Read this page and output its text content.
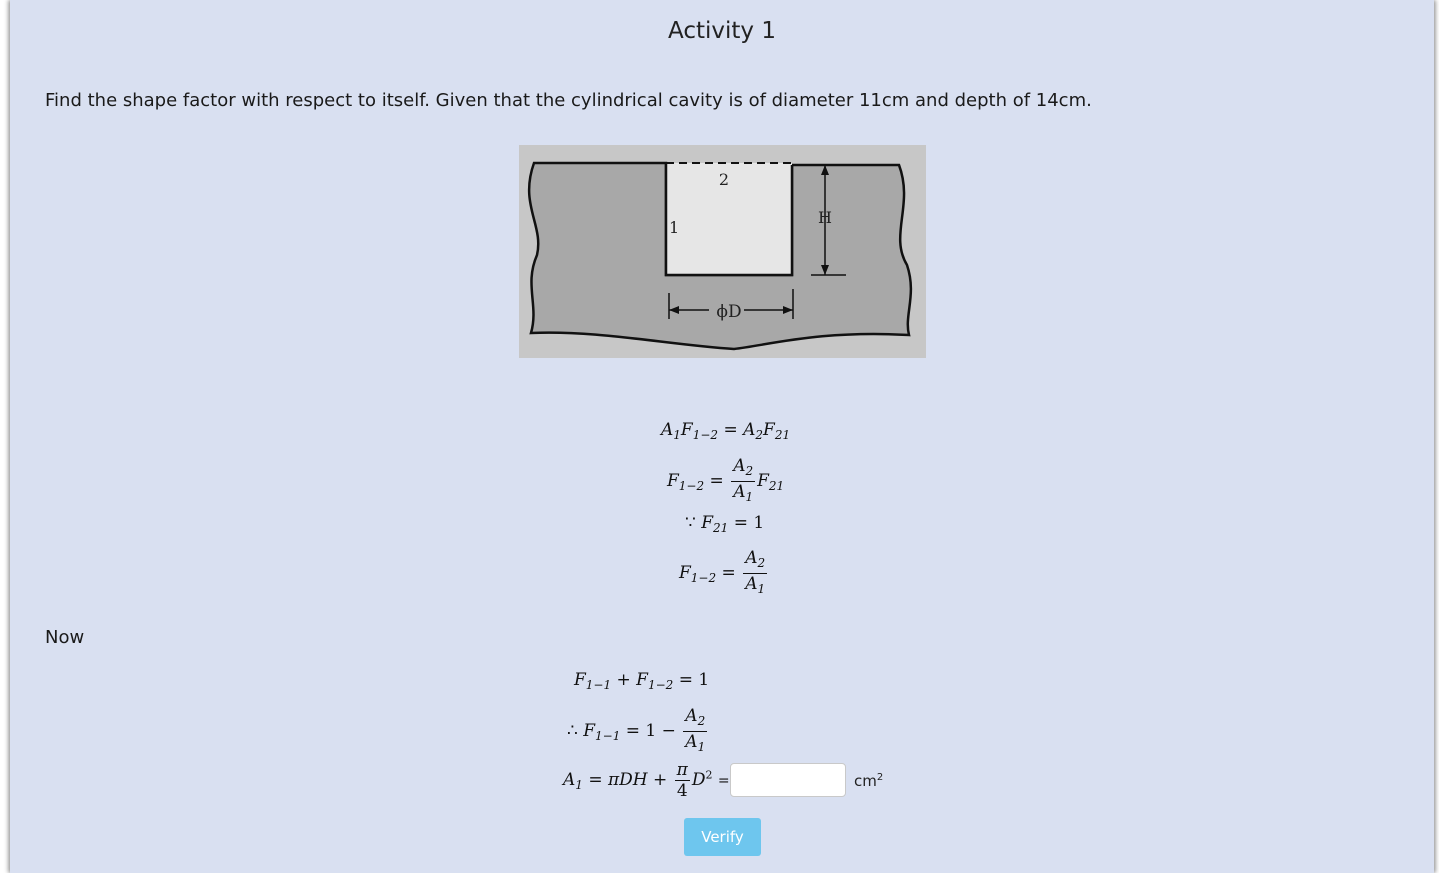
Activity 1
Find the shape factor with respect to itself. Given that the cylindrical cavity is of diameter 11cm and depth of 14cm.
2
1
H
ϕD
$A_1F_{1-2} = A_2F_{21}$
$F_{1-2} = \frac{A_2}{A_1} F_{21}$
∵ $F_{21} = 1$
$F_{1-2} = \frac{A_2}{A_1}$
Now
$F_{1-1} + F_{1-2} = 1$
∴ $F_{1-1} = 1 - \frac{A_2}{A_1}$
$A_1 = \pi DH + \frac{\pi}{4} D^2$ =	$cm^2$
Verify
